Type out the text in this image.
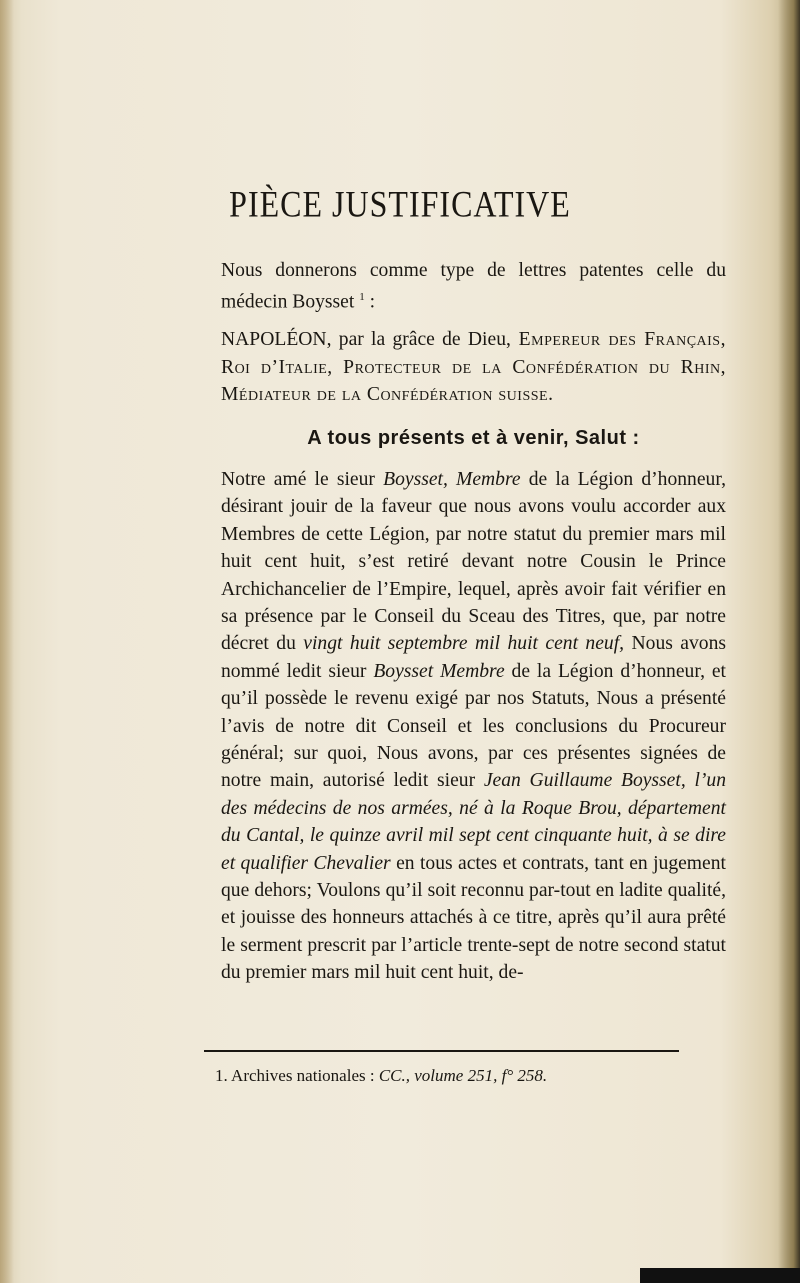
PIÈCE JUSTIFICATIVE

Nous donnerons comme type de lettres patentes celle du médecin Boysset $^1$ :

NAPOLÉON, par la grâce de Dieu, Empereur des Français, Roi d’Italie, Protecteur de la Confédération du Rhin, Médiateur de la Confédération suisse.

A tous présents et à venir, Salut :

Notre amé le sieur Boysset, Membre de la Légion d’honneur, désirant jouir de la faveur que nous avons voulu accorder aux Membres de cette Légion, par notre statut du premier mars mil huit cent huit, s’est retiré devant notre Cousin le Prince Archichancelier de l’Empire, lequel, après avoir fait vérifier en sa présence par le Conseil du Sceau des Titres, que, par notre décret du vingt huit septembre mil huit cent neuf, Nous avons nommé ledit sieur Boysset Membre de la Légion d’honneur, et qu’il possède le revenu exigé par nos Statuts, Nous a présenté l’avis de notre dit Conseil et les conclusions du Procureur général; sur quoi, Nous avons, par ces présentes signées de notre main, autorisé ledit sieur Jean Guillaume Boysset, l’un des médecins de nos armées, né à la Roque Brou, département du Cantal, le quinze avril mil sept cent cinquante huit, à se dire et qualifier Chevalier en tous actes et contrats, tant en jugement que dehors; Voulons qu’il soit reconnu par-tout en ladite qualité, et jouisse des honneurs attachés à ce titre, après qu’il aura prêté le serment prescrit par l’article trente-sept de notre second statut du premier mars mil huit cent huit, de-

1. Archives nationales : CC., volume 251, f° 258.
